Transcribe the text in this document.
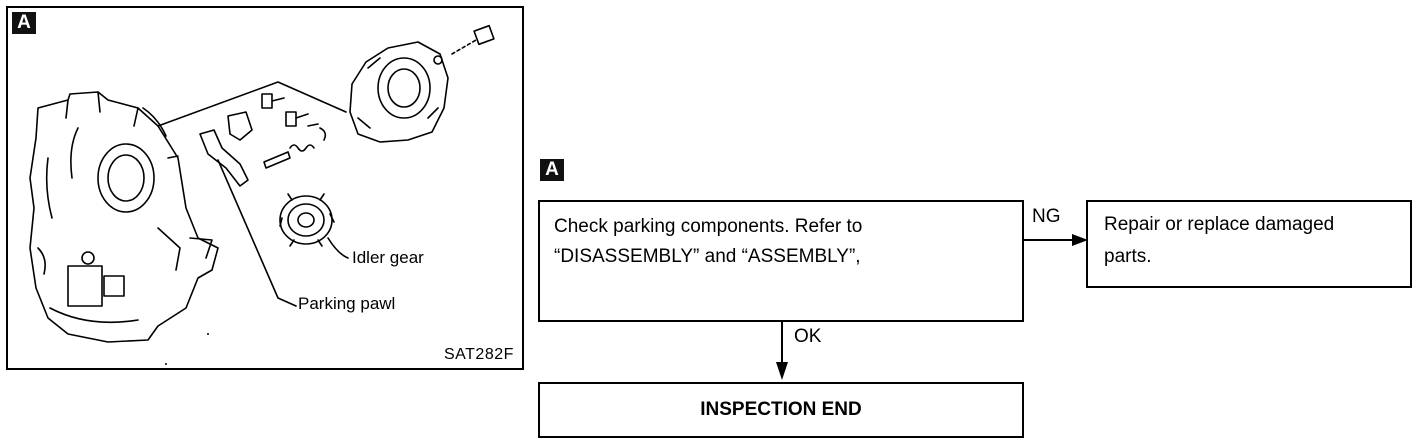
A
Idler gear
Parking pawl
SAT282F
A
Check parking components. Refer to
“DISASSEMBLY” and “ASSEMBLY”,
NG Repair or replace damaged
parts.
OK
INSPECTION END
